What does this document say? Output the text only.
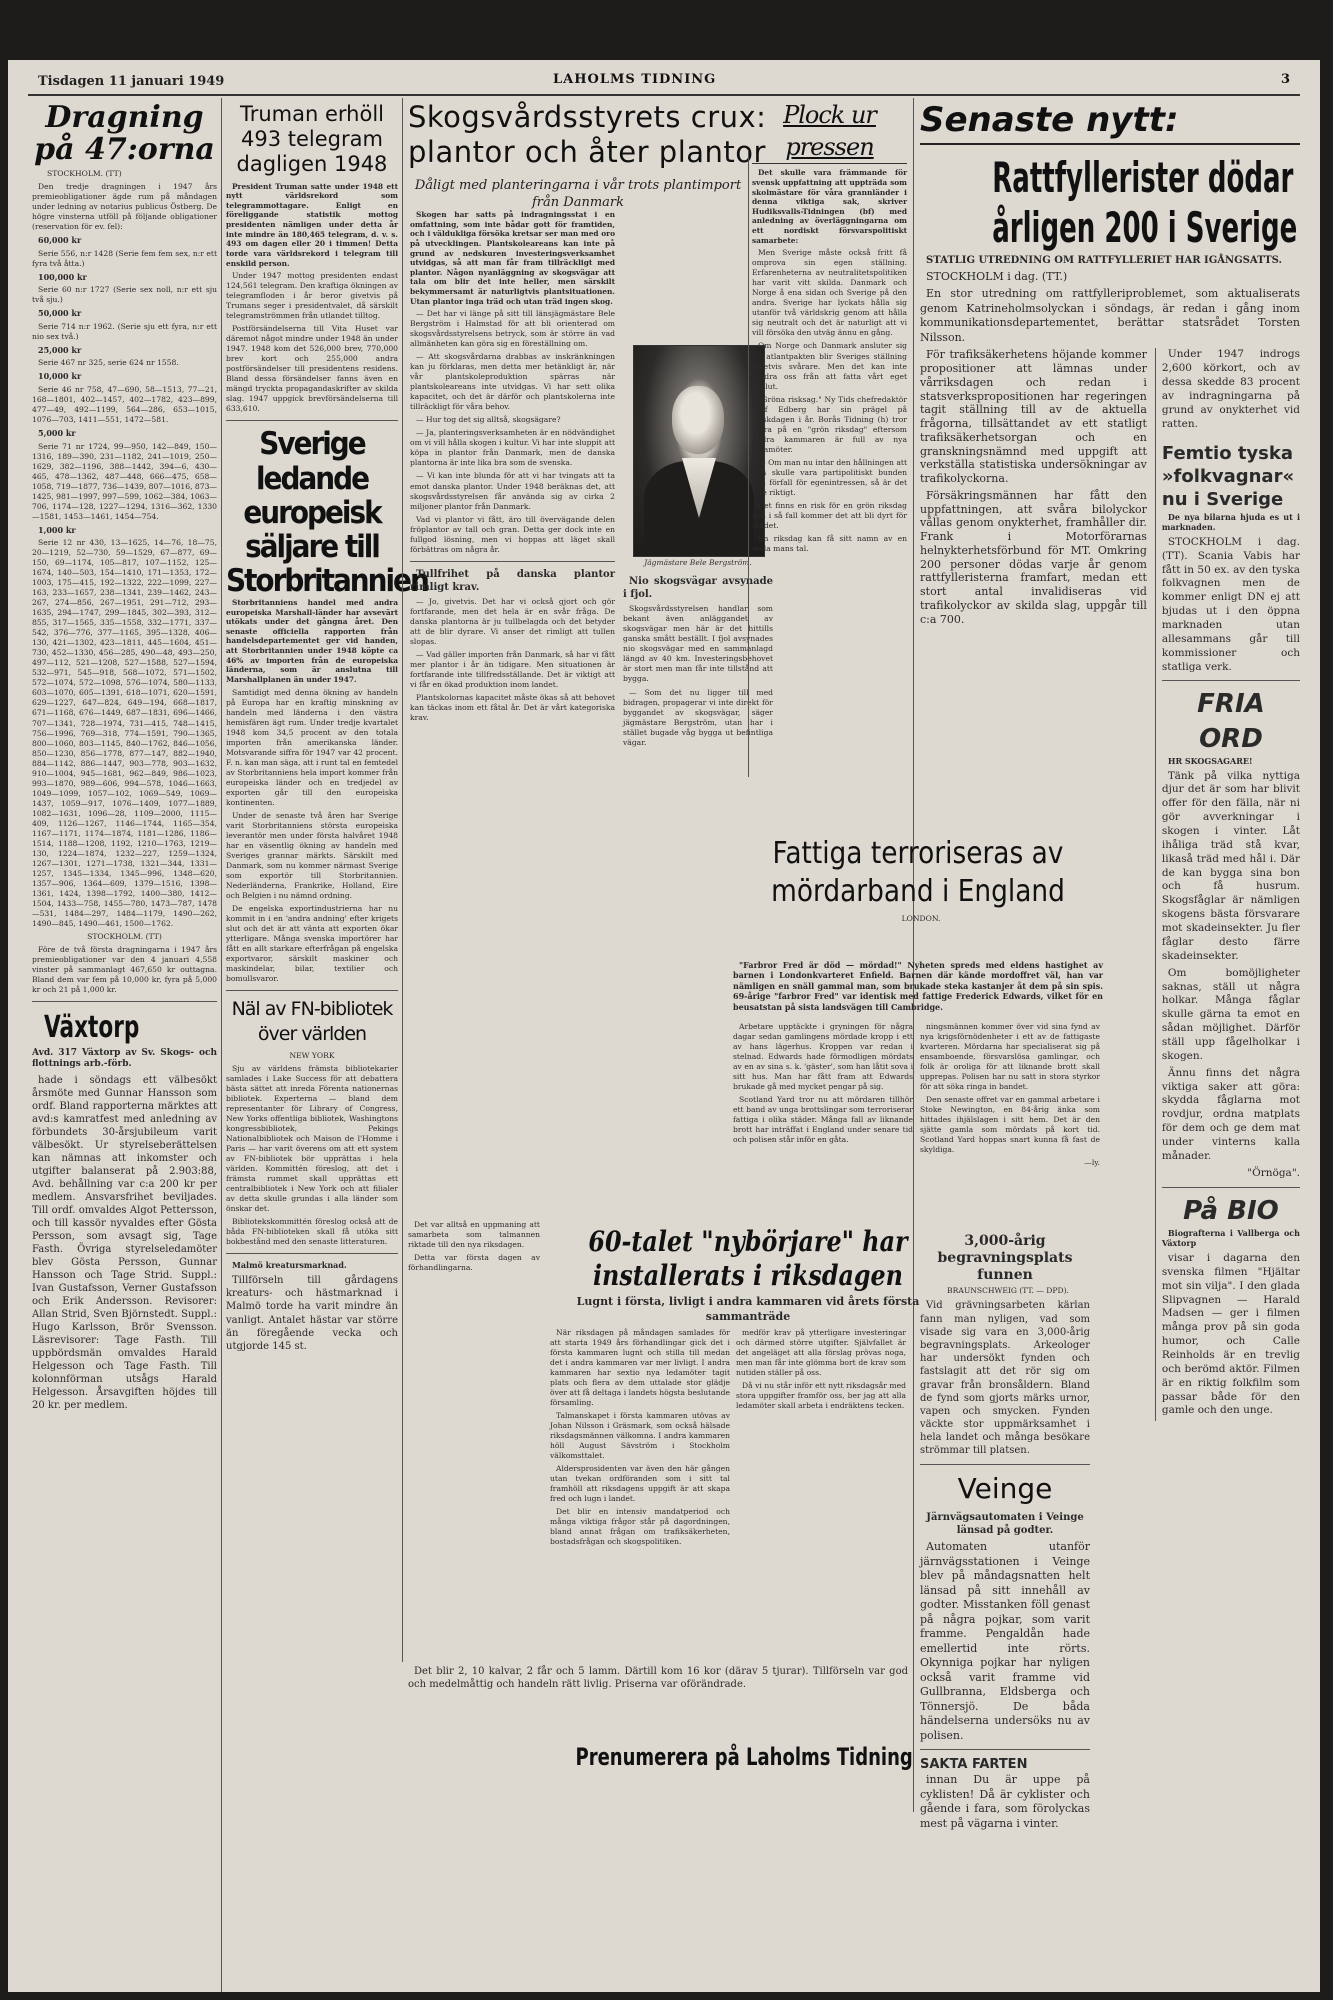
Tisdagen 11 januari 1949	LAHOLMS TIDNING	3
Dragning på 47:orna

STOCKHOLM. (TT)

Den tredje dragningen i 1947 års premieobligationer ägde rum på måndagen under ledning av notarius publicus Östberg. De högre vinsterna utföll på följande obligationer (reservation för ev. fel):

60,000 kr

Serie 556, n:r 1428 (Serie fem fem sex, n:r ett fyra två åtta.)

100,000 kr

Serie 60 n:r 1727 (Serie sex noll, n:r ett sju två sju.)

50,000 kr

Serie 714 n:r 1962. (Serie sju ett fyra, n:r ett nio sex två.)

25,000 kr

Serie 467 nr 325, serie 624 nr 1558.

10,000 kr

Serie 46 nr 758, 47—690, 58—1513, 77—21, 168—1801, 402—1457, 402—1782, 423—899, 477—49, 492—1199, 564—286, 653—1015, 1076—703, 1411—551, 1472—581.

5,000 kr

Serie 71 nr 1724, 99—950, 142—849, 150—1316, 189—390, 231—1182, 241—1019, 250—1629, 382—1196, 388—1442, 394—6, 430—465, 478—1362, 487—448, 666—475, 658—1058, 719—1877, 736—1439, 807—1016, 873—1425, 981—1997, 997—599, 1062—384, 1063—706, 1174—128, 1227—1294, 1316—362, 1330—1581, 1453—1461, 1454—754.

1,000 kr

Serie 12 nr 430, 13—1625, 14—76, 18—75, 20—1219, 52—730, 59—1529, 67—877, 69—150, 69—1174, 105—817, 107—1152, 125—1674, 140—503, 154—1410, 171—1353, 172—1003, 175—415, 192—1322, 222—1099, 227—163, 233—1657, 238—1341, 239—1462, 243—267, 274—856, 267—1951, 291—712, 293—1635, 294—1747, 299—1845, 302—393, 312—855, 317—1565, 335—1558, 332—1771, 337—542, 376—776, 377—1165, 395—1328, 406—130, 421—1302, 423—1811, 445—1604, 451—730, 452—1330, 456—285, 490—48, 493—250, 497—112, 521—1208, 527—1588, 527—1594, 532—971, 545—918, 568—1072, 571—1502, 572—1074, 572—1098, 576—1074, 580—1133, 603—1070, 605—1391, 618—1071, 620—1591, 629—1227, 647—824, 649—194, 668—1817, 671—1168, 676—1449, 687—1831, 696—1466, 707—1341, 728—1974, 731—415, 748—1415, 756—1996, 769—318, 774—1591, 790—1365, 800—1060, 803—1145, 840—1762, 846—1056, 850—1230, 856—1778, 877—147, 882—1940, 884—1142, 886—1447, 903—778, 903—1632, 910—1004, 945—1681, 962—849, 986—1023, 993—1870, 989—606, 994—578, 1046—1663, 1049—1099, 1057—102, 1069—549, 1069—1437, 1059—917, 1076—1409, 1077—1889, 1082—1631, 1096—28, 1109—2000, 1115—409, 1126—1267, 1146—1744, 1165—354, 1167—1171, 1174—1874, 1181—1286, 1186—1514, 1188—1208, 1192, 1210—1763, 1219—130, 1224—1874, 1232—227, 1259—1324, 1267—1301, 1271—1738, 1321—344, 1331—1257, 1345—1334, 1345—996, 1348—620, 1357—906, 1364—609, 1379—1516, 1398—1361, 1424, 1398—1792, 1400—380, 1412—1504, 1433—758, 1455—780, 1473—787, 1478—531, 1484—297, 1484—1179, 1490—262, 1490—845, 1490—461, 1500—1762.

STOCKHOLM. (TT)

Före de två första dragningarna i 1947 års premieobligationer var den 4 januari 4,558 vinster på sammanlagt 467,650 kr outtagna. Bland dem var fem på 10,000 kr, fyra på 5,000 kr och 21 på 1,000 kr.

Växtorp

Avd. 317 Växtorp av Sv. Skogs- och flottnings arb.-förb.

hade i söndags ett välbesökt årsmöte med Gunnar Hansson som ordf. Bland rapporterna märktes att avd:s kamratfest med anledning av förbundets 30-årsjubileum varit välbesökt. Ur styrelseberättelsen kan nämnas att inkomster och utgifter balanserat på 2.903:88, Avd. behållning var c:a 200 kr per medlem. Ansvarsfrihet beviljades. Till ordf. omvaldes Algot Pettersson, och till kassör nyvaldes efter Gösta Persson, som avsagt sig, Tage Fasth. Övriga styrelseledamöter blev Gösta Persson, Gunnar Hansson och Tage Strid. Suppl.: Ivan Gustafsson, Verner Gustafsson och Erik Andersson. Revisorer: Allan Strid, Sven Björnstedt. Suppl.: Hugo Karlsson, Brör Svensson. Läsrevisorer: Tage Fasth. Till uppbördsmän omvaldes Harald Helgesson och Tage Fasth. Till kolonnförman utsågs Harald Helgesson. Årsavgiften höjdes till 20 kr. per medlem.

Truman erhöll
493 telegram
dagligen 1948

President Truman satte under 1948 ett nytt världsrekord som telegrammottagare. Enligt en föreliggande statistik mottog presidenten nämligen under detta år inte mindre än 180,465 telegram, d. v. s. 493 om dagen eller 20 i timmen! Detta torde vara världsrekord i telegram till enskild person.

Under 1947 mottog presidenten endast 124,561 telegram. Den kraftiga ökningen av telegramfloden i år beror givetvis på Trumans seger i presidentvalet, då särskilt telegramströmmen från utlandet tilltog.

Postförsändelserna till Vita Huset var däremot något mindre under 1948 än under 1947. 1948 kom det 526,000 brev, 770,000 brev kort och 255,000 andra postförsändelser till presidentens residens. Bland dessa försändelser fanns även en mängd tryckta propagandaskrifter av skilda slag. 1947 uppgick brevförsändelserna till 633,610.

Sverige ledande europeisk säljare till Storbritannien

Storbritanniens handel med andra europeiska Marshall-länder har avsevärt utökats under det gångna året. Den senaste officiella rapporten från handelsdepartementet ger vid handen, att Storbritannien under 1948 köpte ca 46% av importen från de europeiska länderna, som är anslutna till Marshallplanen än under 1947.

Samtidigt med denna ökning av handeln på Europa har en kraftig minskning av handeln med länderna i den västra hemisfären ägt rum. Under tredje kvartalet 1948 kom 34,5 procent av den totala importen från amerikanska länder. Motsvarande siffra för 1947 var 42 procent. F. n. kan man säga, att i runt tal en femtedel av Storbritanniens hela import kommer från europeiska länder och en tredjedel av exporten går till den europeiska kontinenten.

Under de senaste två åren har Sverige varit Storbritanniens största europeiska leverantör men under första halvåret 1948 har en väsentlig ökning av handeln med Sveriges grannar märkts. Särskilt med Danmark, som nu kommer närmast Sverige som exportör till Storbritannien. Nederländerna, Frankrike, Holland, Eire och Belgien i nu nämnd ordning.

De engelska exportindustrierna har nu kommit in i en 'andra andning' efter krigets slut och det är att vänta att exporten ökar ytterligare. Många svenska importörer har fått en allt starkare efterfrågan på engelska exportvaror, särskilt maskiner och maskindelar, bilar, textilier och bomullsvaror.

Näl av FN-bibliotek över världen

NEW YORK

Sju av världens främsta bibliotekarier samlades i Lake Success för att debattera bästa sättet att inreda Förenta nationernas bibliotek. Experterna — bland dem representanter för Library of Congress, New Yorks offentliga bibliotek, Washingtons kongressbibliotek, Pekings Nationalbibliotek och Maison de l'Homme i Paris — har varit överens om att ett system av FN-bibliotek bör upprättas i hela världen. Kommittén föreslog, att det i främsta rummet skall upprättas ett centralbibliotek i New York och att filialer av detta skulle grundas i alla länder som önskar det.

Bibliotekskommittén föreslog också att de båda FN-biblioteken skall få utöka sitt bokbestånd med den senaste litteraturen.

Malmö kreatursmarknad.

Tillförseln till gårdagens kreaturs- och hästmarknad i Malmö torde ha varit mindre än vanligt. Antalet hästar var större än föregående vecka och utgjorde 145 st.

Skogsvårdsstyrets crux:
plantor och åter plantor
Dåligt med planteringarna i vår trots plantimport från Danmark

Skogen har satts på indragningsstat i en omfattning, som inte bådar gott för framtiden, och i väldukliga försöka kretsar ser man med oro på utvecklingen. Plantskoleareans kan inte på grund av nedskuren investeringsverksamhet utvidgas, så att man får fram tillräckligt med plantor. Någon nyanläggning av skogsvägar att tala om blir det inte heller, men särskilt bekymmersamt är naturligtvis plantsituationen. Utan plantor inga träd och utan träd ingen skog.

— Det har vi länge på sitt till länsjägmästare Bele Bergström i Halmstad för att bli orienterad om skogsvårdsstyrelsens betryck, som är större än vad allmänheten kan göra sig en föreställning om.

— Att skogsvårdarna drabbas av inskränkningen kan ju förklaras, men detta mer betänkligt är, när vår plantskoleproduktion spärras när plantskoleareans inte utvidgas. Vi har sett olika kapacitet, och det är därför och plantskolerna inte tillräckligt för våra behov.

— Hur tog det sig alltså, skogsägare?

— Ja, planteringsverksamheten är en nödvändighet om vi vill hålla skogen i kultur. Vi har inte sluppit att köpa in plantor från Danmark, men de danska plantorna är inte lika bra som de svenska.

— Vi kan inte blunda för att vi har tvingats att ta emot danska plantor. Under 1948 beräknas det, att skogsvårdsstyrelsen får använda sig av cirka 2 miljoner plantor från Danmark.

Vad vi plantor vi fått, äro till övervägande delen fröplantor av tall och gran. Detta ger dock inte en fullgod lösning, men vi hoppas att läget skall förbättras om några år.

Tullfrihet på danska plantor rimligt krav.

— Jo, givetvis. Det har vi också gjort och gör fortfarande, men det hela är en svår fråga. De danska plantorna är ju tullbelagda och det betyder att de blir dyrare. Vi anser det rimligt att tullen slopas.

— Vad gäller importen från Danmark, så har vi fått mer plantor i år än tidigare. Men situationen är fortfarande inte tillfredsställande. Det är viktigt att vi får en ökad produktion inom landet.

Plantskolornas kapacitet måste ökas så att behovet kan täckas inom ett fåtal år. Det är vårt kategoriska krav.

Jägmästare Bele Bergström.

Nio skogsvägar avsynade i fjol.

Skogsvårdsstyrelsen handlar som bekant även anläggandet av skogsvägar men här är det hittills ganska smått beställt. I fjol avsynades nio skogsvägar med en sammanlagd längd av 40 km. Investeringsbehovet är stort men man får inte tillstånd att bygga.

— Som det nu ligger till med bidragen, propagerar vi inte direkt för byggandet av skogsvägar, säger jägmästare Bergström, utan har i stället bugade våg bygga ut befintliga vägar.

Plock ur pressen

Det skulle vara främmande för svensk uppfattning att uppträda som skolmästare för våra grannländer i denna viktiga sak, skriver Hudiksvalls-Tidningen (bf) med anledning av överläggningarna om ett nordiskt försvarspolitiskt samarbete:

Men Sverige måste också fritt få omprova sin egen ställning. Erfarenheterna av neutralitetspolitiken har varit vitt skilda. Danmark och Norge å ena sidan och Sverige på den andra. Sverige har lyckats hålla sig utanför två världskrig genom att hålla sig neutralt och det är naturligt att vi vill försöka den utväg ännu en gång.

Om Norge och Danmark ansluter sig till atlantpakten blir Sveriges ställning givetvis svårare. Men det kan inte hindra oss från att fatta vårt eget beslut.

"Gröna risksag." Ny Tids chefredaktör Rolf Edberg har sin prägel på rikskdagen i år. Borås Tidning (h) tror mera på en "grön riksdag" eftersom andra kammaren är full av nya ledamöter.

— Om man nu intar den hållningen att den skulle vara partipolitiskt bunden och förfall för egenintressen, så är det inte riktigt.

Det finns en risk för en grön riksdag och i så fall kommer det att bli dyrt för landet.

En riksdag kan få sitt namn av en enda mans tal.

Senaste nytt:
Rattfyllerister dödar
årligen 200 i Sverige

STATLIG UTREDNING OM RATTFYLLERIET HAR IGÅNGSATTS.

STOCKHOLM i dag. (TT.)

En stor utredning om rattfylleriproblemet, som aktualiserats genom Katrineholmsolyckan i söndags, är redan i gång inom kommunikationsdepartementet, berättar statsrådet Torsten Nilsson.

För trafiksäkerhetens höjande kommer propositioner att lämnas under vårriksdagen och redan i statsverkspropositionen har regeringen tagit ställning till av de aktuella frågorna, tillsättandet av ett statligt trafiksäkerhetsorgan och en granskningsnämnd med uppgift att verkställa statistiska undersökningar av trafikolyckorna.

Försäkringsmännen har fått den uppfattningen, att svåra bilolyckor vållas genom onykterhet, framhåller dir. Frank i Motorförarnas helnykterhetsförbund för MT. Omkring 200 personer dödas varje år genom rattfylleristerna framfart, medan ett stort antal invalidiseras vid trafikolyckor av skilda slag, uppgår till c:a 700.

Under 1947 indrogs 2,600 körkort, och av dessa skedde 83 procent av indragningarna på grund av onykterhet vid ratten.

Femtio tyska
»folkvagnar«
nu i Sverige

De nya bilarna hjuda es ut i marknaden.

STOCKHOLM i dag. (TT). Scania Vabis har fått in 50 ex. av den tyska folkvagnen men de kommer enligt DN ej att bjudas ut i den öppna marknaden utan allesammans går till kommissioner och statliga verk.

FRIA ORD

HR SKOGSAGARE!

Tänk på vilka nyttiga djur det är som har blivit offer för den fälla, när ni gör avverkningar i skogen i vinter. Låt ihåliga träd stå kvar, likaså träd med hål i. Där de kan bygga sina bon och få husrum. Skogsfåglar är nämligen skogens bästa försvarare mot skadeinsekter. Ju fler fåglar desto färre skadeinsekter.

Om bomöjligheter saknas, ställ ut några holkar. Många fåglar skulle gärna ta emot en sådan möjlighet. Därför ställ upp fågelholkar i skogen.

Ännu finns det några viktiga saker att göra: skydda fåglarna mot rovdjur, ordna matplats för dem och ge dem mat under vinterns kalla månader.

"Örnöga".

På BIO

Biografterna i Vallberga och Växtorp

visar i dagarna den svenska filmen "Hjältar mot sin vilja". I den glada Slipvagnen — Harald Madsen — ger i filmen många prov på sin goda humor, och Calle Reinholds är en trevlig och berömd aktör. Filmen är en riktig folkfilm som passar både för den gamle och den unge.

Fattiga terroriseras av
mördarband i England

LONDON.

"Farbror Fred är död — mördad!" Nyheten spreds med eldens hastighet av barnen i Londonkvarteret Enfield. Barnen där kände mordoffret väl, han var nämligen en snäll gammal man, som brukade steka kastanjer åt dem på sin spis. 69-årige "farbror Fred" var identisk med fattige Frederick Edwards, vilket för en beusatstan på sista landsvägen till Cambridge.

Arbetare upptäckte i gryningen för några dagar sedan gamlingens mördade kropp i ett av hans lägerhus. Kroppen var redan i stelnad. Edwards hade förmodligen mördats av en av sina s. k. 'gäster', som han låtit sova i sitt hus. Man har fått fram att Edwards brukade gå med mycket pengar på sig.

Scotland Yard tror nu att mördaren tillhör ett band av unga brottslingar som terroriserar fattiga i olika städer. Många fall av liknande brott har inträffat i England under senare tid och polisen står inför en gåta.

ningsmännen kommer över vid sina fynd av nya krigsförnödenheter i ett av de fattigaste kvarteren. Mördarna har specialiserat sig på ensamboende, försvarslösa gamlingar, och folk är oroliga för att liknande brott skall upprepas. Polisen har nu satt in stora styrkor för att söka ringa in bandet.

Den senaste offret var en gammal arbetare i Stoke Newington, en 84-årig änka som hittades ihjälslagen i sitt hem. Det är den sjätte gamla som mördats på kort tid. Scotland Yard hoppas snart kunna få fast de skyldiga.

—ly.

60-talet "nybörjare" har
installerats i riksdagen
Lugnt i första, livligt i andra kammaren vid årets första sammanträde

När riksdagen på måndagen samlades för att starta 1949 års förhandlingar gick det i första kammaren lugnt och stilla till medan det i andra kammaren var mer livligt. I andra kammaren har sextio nya ledamöter tagit plats och flera av dem uttalade stor glädje över att få deltaga i landets högsta beslutande församling.

Talmanskapet i första kammaren utövas av Johan Nilsson i Gräsmark, som också hälsade riksdagsmännen välkomna. I andra kammaren höll August Sävström i Stockholm välkomsttalet.

Aldersprosidenten var även den här gången utan tvekan ordföranden som i sitt tal framhöll att riksdagens uppgift är att skapa fred och lugn i landet.

Det blir en intensiv mandatperiod och många viktiga frågor står på dagordningen, bland annat frågan om trafiksäkerheten, bostadsfrågan och skogspolitiken.

medför krav på ytterligare investeringar och därmed större utgifter. Självfallet är det angeläget att alla förslag prövas noga, men man får inte glömma bort de krav som nutiden ställer på oss.

Då vi nu står inför ett nytt riksdagsår med stora uppgifter framför oss, ber jag att alla ledamöter skall arbeta i endräktens tecken.

Det var alltså en uppmaning att samarbeta som talmannen riktade till den nya riksdagen.

Detta var första dagen av förhandlingarna.

Det blir 2, 10 kalvar, 2 får och 5 lamm. Därtill kom 16 kor (därav 5 tjurar). Tillförseln var god och medelmåttig och handeln rätt livlig. Priserna var oförändrade.

Prenumerera på Laholms Tidning
3,000-årig begravningsplats funnen

BRAUNSCHWEIG (TT. — DPD).

Vid grävningsarbeten kärlan fann man nyligen, vad som visade sig vara en 3,000-årig begravningsplats. Arkeologer har undersökt fynden och fastslagit att det rör sig om gravar från bronsåldern. Bland de fynd som gjorts märks urnor, vapen och smycken. Fynden väckte stor uppmärksamhet i hela landet och många besökare strömmar till platsen.

Veinge
Järnvägsautomaten i Veinge länsad på godter.

Automaten utanför järnvägsstationen i Veinge blev på måndagsnatten helt länsad på sitt innehåll av godter. Misstanken föll genast på några pojkar, som varit framme. Pengaldån hade emellertid inte rörts. Okynniga pojkar har nyligen också varit framme vid Gullbranna, Eldsberga och Tönnersjö. De båda händelserna undersöks nu av polisen.

SAKTA FARTEN

innan Du är uppe på cyklisten! Då är cyklister och gående i fara, som förolyckas mest på vägarna i vinter.
